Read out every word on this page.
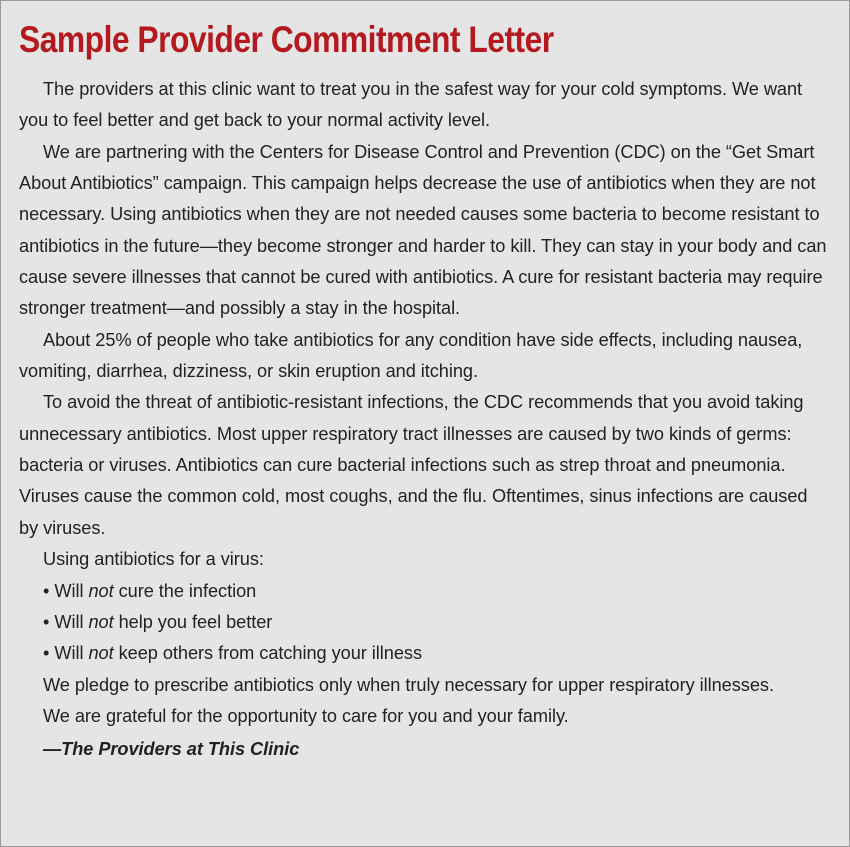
Sample Provider Commitment Letter

The providers at this clinic want to treat you in the safest way for your cold symptoms. We want you to feel better and get back to your normal activity level.

We are partnering with the Centers for Disease Control and Prevention (CDC) on the “Get Smart About Antibiotics” campaign. This campaign helps decrease the use of antibiotics when they are not necessary. Using antibiotics when they are not needed causes some bacteria to become resistant to antibiotics in the future—they become stronger and harder to kill. They can stay in your body and can cause severe illnesses that cannot be cured with antibiotics. A cure for resistant bacteria may require stronger treatment—and possibly a stay in the hospital.

About 25% of people who take antibiotics for any condition have side effects, including nausea, vomiting, diarrhea, dizziness, or skin eruption and itching.

To avoid the threat of antibiotic-resistant infections, the CDC recommends that you avoid taking unnecessary antibiotics. Most upper respiratory tract illnesses are caused by two kinds of germs: bacteria or viruses. Antibiotics can cure bacterial infections such as strep throat and pneumonia. Viruses cause the common cold, most coughs, and the flu. Oftentimes, sinus infections are caused by viruses.

Using antibiotics for a virus:

• Will not cure the infection
• Will not help you feel better
• Will not keep others from catching your illness

We pledge to prescribe antibiotics only when truly necessary for upper respiratory illnesses.

We are grateful for the opportunity to care for you and your family.

—The Providers at This Clinic
